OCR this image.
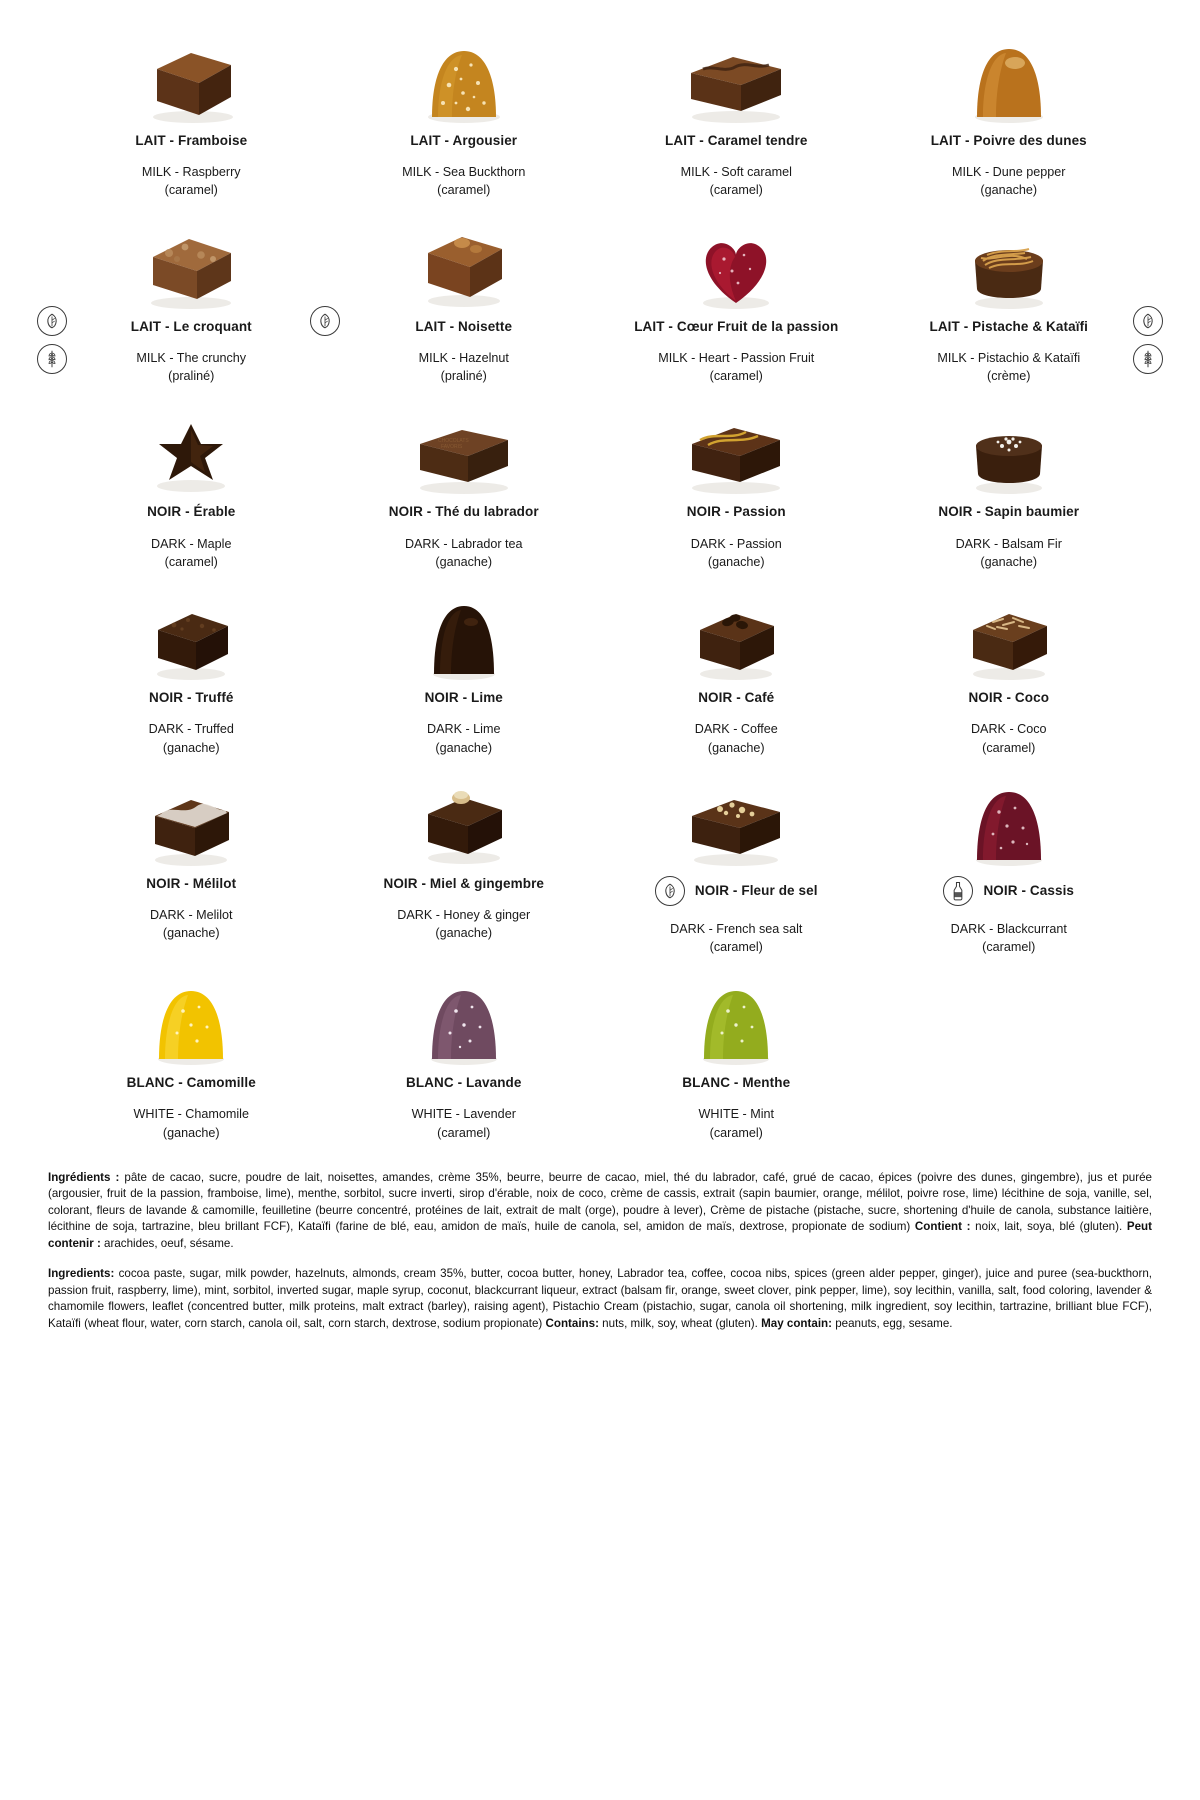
LAIT - Framboise
MILK - Raspberry
(caramel)
LAIT - Argousier
MILK - Sea Buckthorn
(caramel)
LAIT - Caramel tendre
MILK - Soft caramel
(caramel)
LAIT - Poivre des dunes
MILK - Dune pepper
(ganache)
LAIT - Le croquant
MILK - The crunchy
(praliné)
LAIT - Noisette
MILK - Hazelnut
(praliné)
LAIT - Cœur Fruit de la passion
MILK - Heart - Passion Fruit
(caramel)
LAIT - Pistache & Kataïfi
MILK - Pistachio & Kataïfi
(crème)
NOIR - Érable
DARK - Maple
(caramel)
CHOCOLATS
FAVORIS
NOIR - Thé du labrador
DARK - Labrador tea
(ganache)
NOIR - Passion
DARK - Passion
(ganache)
NOIR - Sapin baumier
DARK - Balsam Fir
(ganache)
NOIR - Truffé
DARK - Truffed
(ganache)
NOIR - Lime
DARK - Lime
(ganache)
NOIR - Café
DARK - Coffee
(ganache)
NOIR - Coco
DARK - Coco
(caramel)
NOIR - Mélilot
DARK - Melilot
(ganache)
NOIR - Miel & gingembre
DARK - Honey & ginger
(ganache)
NOIR - Fleur de sel
DARK - French sea salt
(caramel)
NOIR - Cassis
DARK - Blackcurrant
(caramel)
BLANC - Camomille
WHITE - Chamomile
(ganache)
BLANC - Lavande
WHITE - Lavender
(caramel)
BLANC - Menthe
WHITE - Mint
(caramel)

Ingrédients : pâte de cacao, sucre, poudre de lait, noisettes, amandes, crème 35%, beurre, beurre de cacao, miel, thé du labrador, café, grué de cacao, épices (poivre des dunes, gingembre), jus et purée (argousier, fruit de la passion, framboise, lime), menthe, sorbitol, sucre inverti, sirop d'érable, noix de coco, crème de cassis, extrait (sapin baumier, orange, mélilot, poivre rose, lime) lécithine de soja, vanille, sel, colorant, fleurs de lavande & camomille, feuilletine (beurre concentré, protéines de lait, extrait de malt (orge), poudre à lever), Crème de pistache (pistache, sucre, shortening d'huile de canola, substance laitière, lécithine de soja, tartrazine, bleu brillant FCF), Kataïfi (farine de blé, eau, amidon de maïs, huile de canola, sel, amidon de maïs, dextrose, propionate de sodium) Contient : noix, lait, soya, blé (gluten). Peut contenir : arachides, oeuf, sésame.

Ingredients: cocoa paste, sugar, milk powder, hazelnuts, almonds, cream 35%, butter, cocoa butter, honey, Labrador tea, coffee, cocoa nibs, spices (green alder pepper, ginger), juice and puree (sea-buckthorn, passion fruit, raspberry, lime), mint, sorbitol, inverted sugar, maple syrup, coconut, blackcurrant liqueur, extract (balsam fir, orange, sweet clover, pink pepper, lime), soy lecithin, vanilla, salt, food coloring, lavender & chamomile flowers, leaflet (concentred butter, milk proteins, malt extract (barley), raising agent), Pistachio Cream (pistachio, sugar, canola oil shortening, milk ingredient, soy lecithin, tartrazine, brilliant blue FCF), Kataïfi (wheat flour, water, corn starch, canola oil, salt, corn starch, dextrose, sodium propionate) Contains: nuts, milk, soy, wheat (gluten). May contain: peanuts, egg, sesame.
